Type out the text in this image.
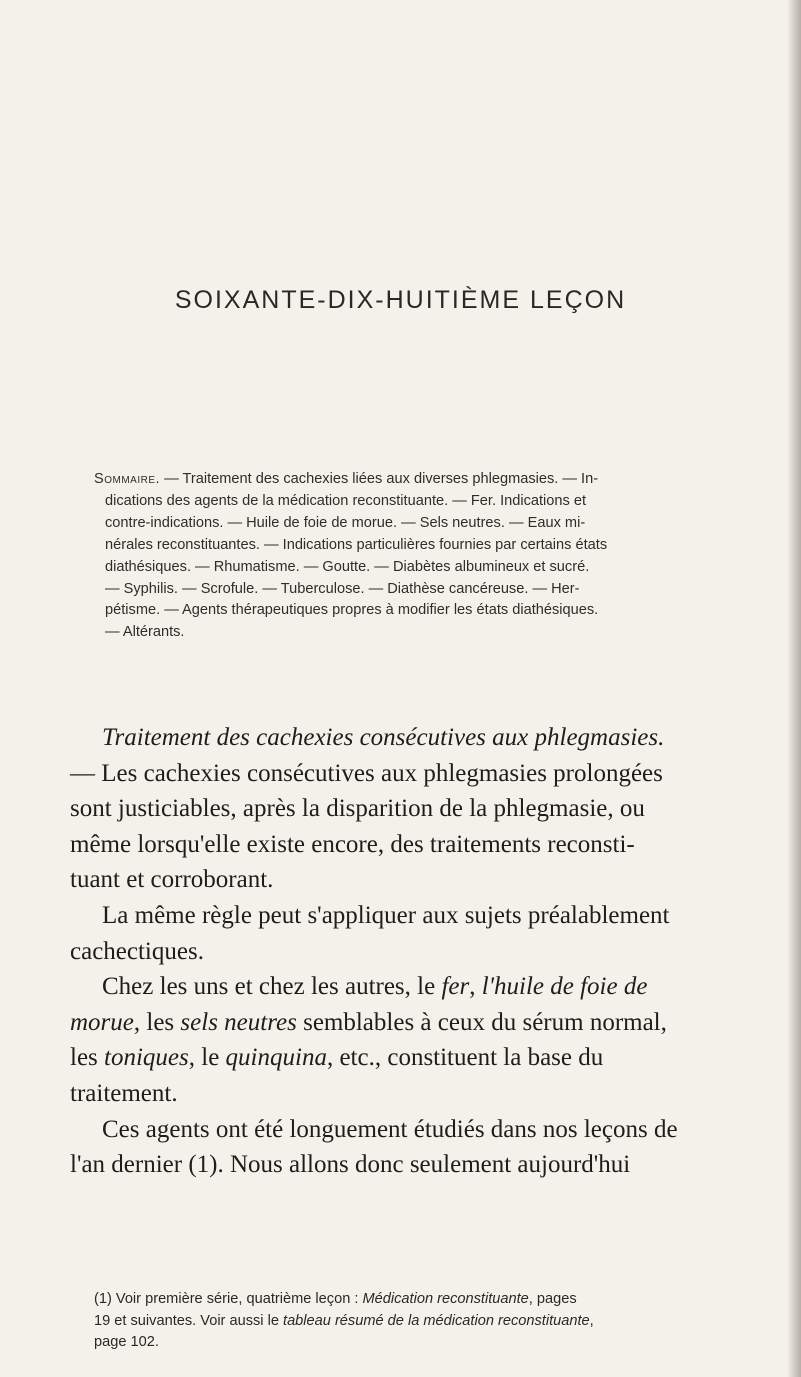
SOIXANTE-DIX-HUITIÈME LEÇON
Sommaire. — Traitement des cachexies liées aux diverses phlegmasies. — In-
dications des agents de la médication reconstituante. — Fer. Indications et
contre-indications. — Huile de foie de morue. — Sels neutres. — Eaux mi-
nérales reconstituantes. — Indications particulières fournies par certains états
diathésiques. — Rhumatisme. — Goutte. — Diabètes albumineux et sucré.
— Syphilis. — Scrofule. — Tuberculose. — Diathèse cancéreuse. — Her-
pétisme. — Agents thérapeutiques propres à modifier les états diathésiques.
— Altérants.
Traitement des cachexies consécutives aux phlegmasies.
— Les cachexies consécutives aux phlegmasies prolongées
sont justiciables, après la disparition de la phlegmasie, ou
même lorsqu'elle existe encore, des traitements reconsti-
tuant et corroborant.
La même règle peut s'appliquer aux sujets préalablement
cachectiques.
Chez les uns et chez les autres, le fer, l'huile de foie de
morue, les sels neutres semblables à ceux du sérum normal,
les toniques, le quinquina, etc., constituent la base du
traitement.
Ces agents ont été longuement étudiés dans nos leçons de
l'an dernier (1). Nous allons donc seulement aujourd'hui
(1) Voir première série, quatrième leçon : Médication reconstituante, pages
19 et suivantes. Voir aussi le tableau résumé de la médication reconstituante,
page 102.
